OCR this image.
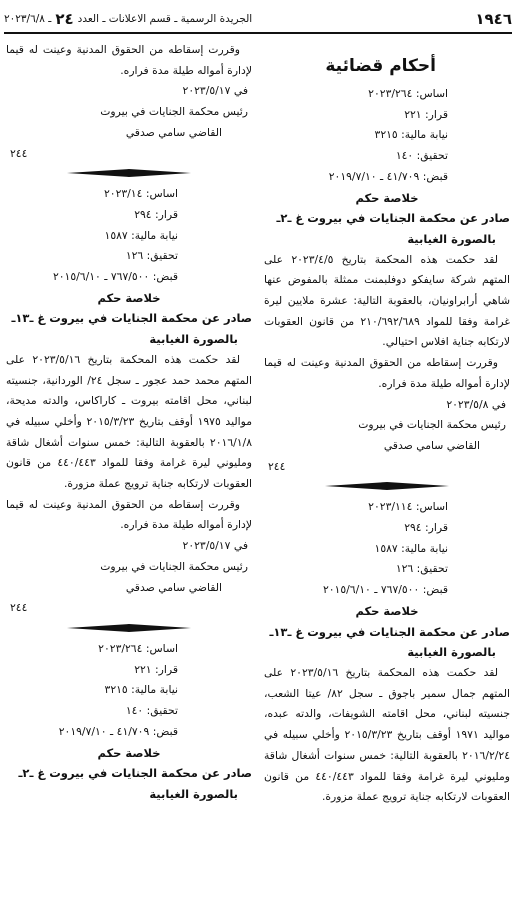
١٩٤٦
الجريدة الرسمية ـ قسم الاعلانات ـ العدد
٢٤
ـ ٢٠٢٣/٦/٨
أحكام قضائية
اساس: ٢٠٢٣/٢٦٤
قرار: ٢٢١
نيابة مالية: ٣٢١٥
تحقيق: ١٤٠
قبض: ٤١/٧٠٩ ـ ٢٠١٩/٧/١٠
خلاصة حكم
صادر عن محكمة الجنايات في بيروت غ ـ٢ـ
بالصورة الغيابية
لقد حكمت هذه المحكمة بتاريخ ٢٠٢٣/٤/٥ على المتهم شركة سايفكو دوفلبمنت ممثلة بالمفوض عنها شاهي أرابراونيان، بالعقوبة التالية: عشرة ملايين ليرة غرامة وفقا للمواد ٢١٠/٦٩٢/٦٨٩ من قانون العقوبات لارتكابه جناية افلاس احتيالي.
وقررت إسقاطه من الحقوق المدنية وعينت له قيما لإدارة أمواله طيلة مدة فراره.
في ٢٠٢٣/٥/٨
رئيس محكمة الجنايات في بيروت
القاضي سامي صدقي
٢٤٤
اساس: ٢٠٢٣/١١٤
قرار: ٢٩٤
نيابة مالية: ١٥٨٧
تحقيق: ١٢٦
قبض: ٧٦٧/٥٠٠ ـ ٢٠١٥/٦/١٠
خلاصة حكم
صادر عن محكمة الجنايات في بيروت غ ـ١٣ـ
بالصورة الغيابية
لقد حكمت هذه المحكمة بتاريخ ٢٠٢٣/٥/١٦ على المتهم جمال سمير باجوق ـ سجل ٨٢/ عيتا الشعب، جنسيته لبناني، محل اقامته الشويفات، والدته عبده، مواليد ١٩٧١ أوقف بتاريخ ٢٠١٥/٣/٢٣ وأخلي سبيله في ٢٠١٦/٢/٢٤ بالعقوبة التالية: خمس سنوات أشغال شاقة ومليوني ليرة غرامة وفقا للمواد ٤٤٠/٤٤٣ من قانون العقوبات لارتكابه جناية ترويج عملة مزورة.
وقررت إسقاطه من الحقوق المدنية وعينت له قيما لإدارة أمواله طيلة مدة فراره.
في ٢٠٢٣/٥/١٧
رئيس محكمة الجنايات في بيروت
القاضي سامي صدقي
٢٤٤
اساس: ٢٠٢٣/١٤
قرار: ٢٩٤
نيابة مالية: ١٥٨٧
تحقيق: ١٢٦
قبض: ٧٦٧/٥٠٠ ـ ٢٠١٥/٦/١٠
خلاصة حكم
صادر عن محكمة الجنايات في بيروت غ ـ١٣ـ
بالصورة الغيابية
لقد حكمت هذه المحكمة بتاريخ ٢٠٢٣/٥/١٦ على المتهم محمد حمد عجور ـ سجل ٢٤/ الوردانية، جنسيته لبناني، محل اقامته بيروت ـ كاراكاس، والدته مديحة، مواليد ١٩٧٥ أوقف بتاريخ ٢٠١٥/٣/٢٣ وأخلي سبيله في ٢٠١٦/١/٨ بالعقوبة التالية: خمس سنوات أشغال شاقة ومليوني ليرة غرامة وفقا للمواد ٤٤٠/٤٤٣ من قانون العقوبات لارتكابه جناية ترويج عملة مزورة.
وقررت إسقاطه من الحقوق المدنية وعينت له قيما لإدارة أمواله طيلة مدة فراره.
في ٢٠٢٣/٥/١٧
رئيس محكمة الجنايات في بيروت
القاضي سامي صدقي
٢٤٤
اساس: ٢٠٢٣/٢٦٤
قرار: ٢٢١
نيابة مالية: ٣٢١٥
تحقيق: ١٤٠
قبض: ٤١/٧٠٩ ـ ٢٠١٩/٧/١٠
خلاصة حكم
صادر عن محكمة الجنايات في بيروت غ ـ٢ـ
بالصورة الغيابية
